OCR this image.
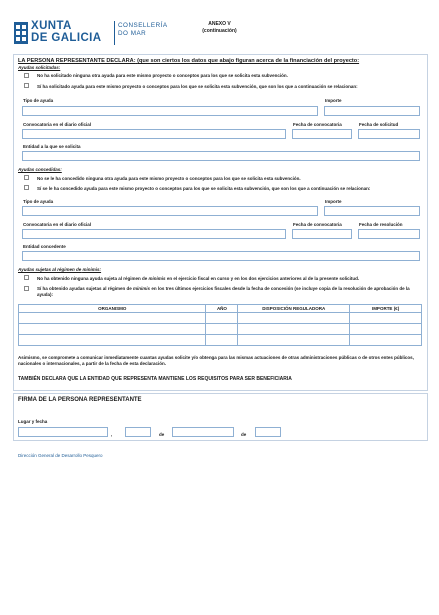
XUNTA
DE GALICIA
CONSELLERÍA
DO MAR
ANEXO V
(continuación)
LA PERSONA REPRESENTANTE DECLARA: (que son ciertos los datos que abajo figuran acerca de la financiación del proyecto:
Ayudas solicitadas:
No ha solicitado ninguna otra ayuda para este mismo proyecto o conceptos para los que se solicita esta subvención.
Sí ha solicitado ayuda para este mismo proyecto o conceptos para los que se solicita esta subvención, que son los que a continuación se relacionan:
Tipo de ayuda	Importe
Convocatoria en el diario oficial	Fecha de convocatoria	Fecha de solicitud
Entidad a la que se solicita
Ayudas concedidas:
No se le ha concedido ninguna otra ayuda para este mismo proyecto o conceptos para los que se solicita esta subvención.
Sí se le ha concedido ayuda para este mismo proyecto o conceptos para los que se solicita esta subvención, que son los que a continuación se relacionan:
Tipo de ayuda	Importe
Convocatoria en el diario oficial	Fecha de convocatoria	Fecha de resolución
Entidad concedente
Ayudas sujetas al régimen de minimis:
No ha obtenido ninguna ayuda sujeta al régimen de minimis en el ejercicio fiscal en curso y en los dos ejercicios anteriores al de la presente solicitud.
Sí ha obtenido ayudas sujetas al régimen de minimis en los tres últimos ejercicios fiscales desde la fecha de concesión (se incluye copia de la resolución de aprobación de la ayuda):
ORGANISMO	AÑO	DISPOSICIÓN REGULADORA	IMPORTE (€)

Asimismo, se compromete a comunicar inmediatamente cuantas ayudas solicite y/o obtenga para las mismas actuaciones de otras administraciones públicas o de otros entes públicos, nacionales o internacionales, a partir de la fecha de esta declaración.
TAMBIÉN DECLARA QUE LA ENTIDAD QUE REPRESENTA MANTIENE LOS REQUISITOS PARA SER BENEFICIARIA
FIRMA DE LA PERSONA REPRESENTANTE
Lugar y fecha
,	de	de
Dirección General de Desarrollo Pesquero
